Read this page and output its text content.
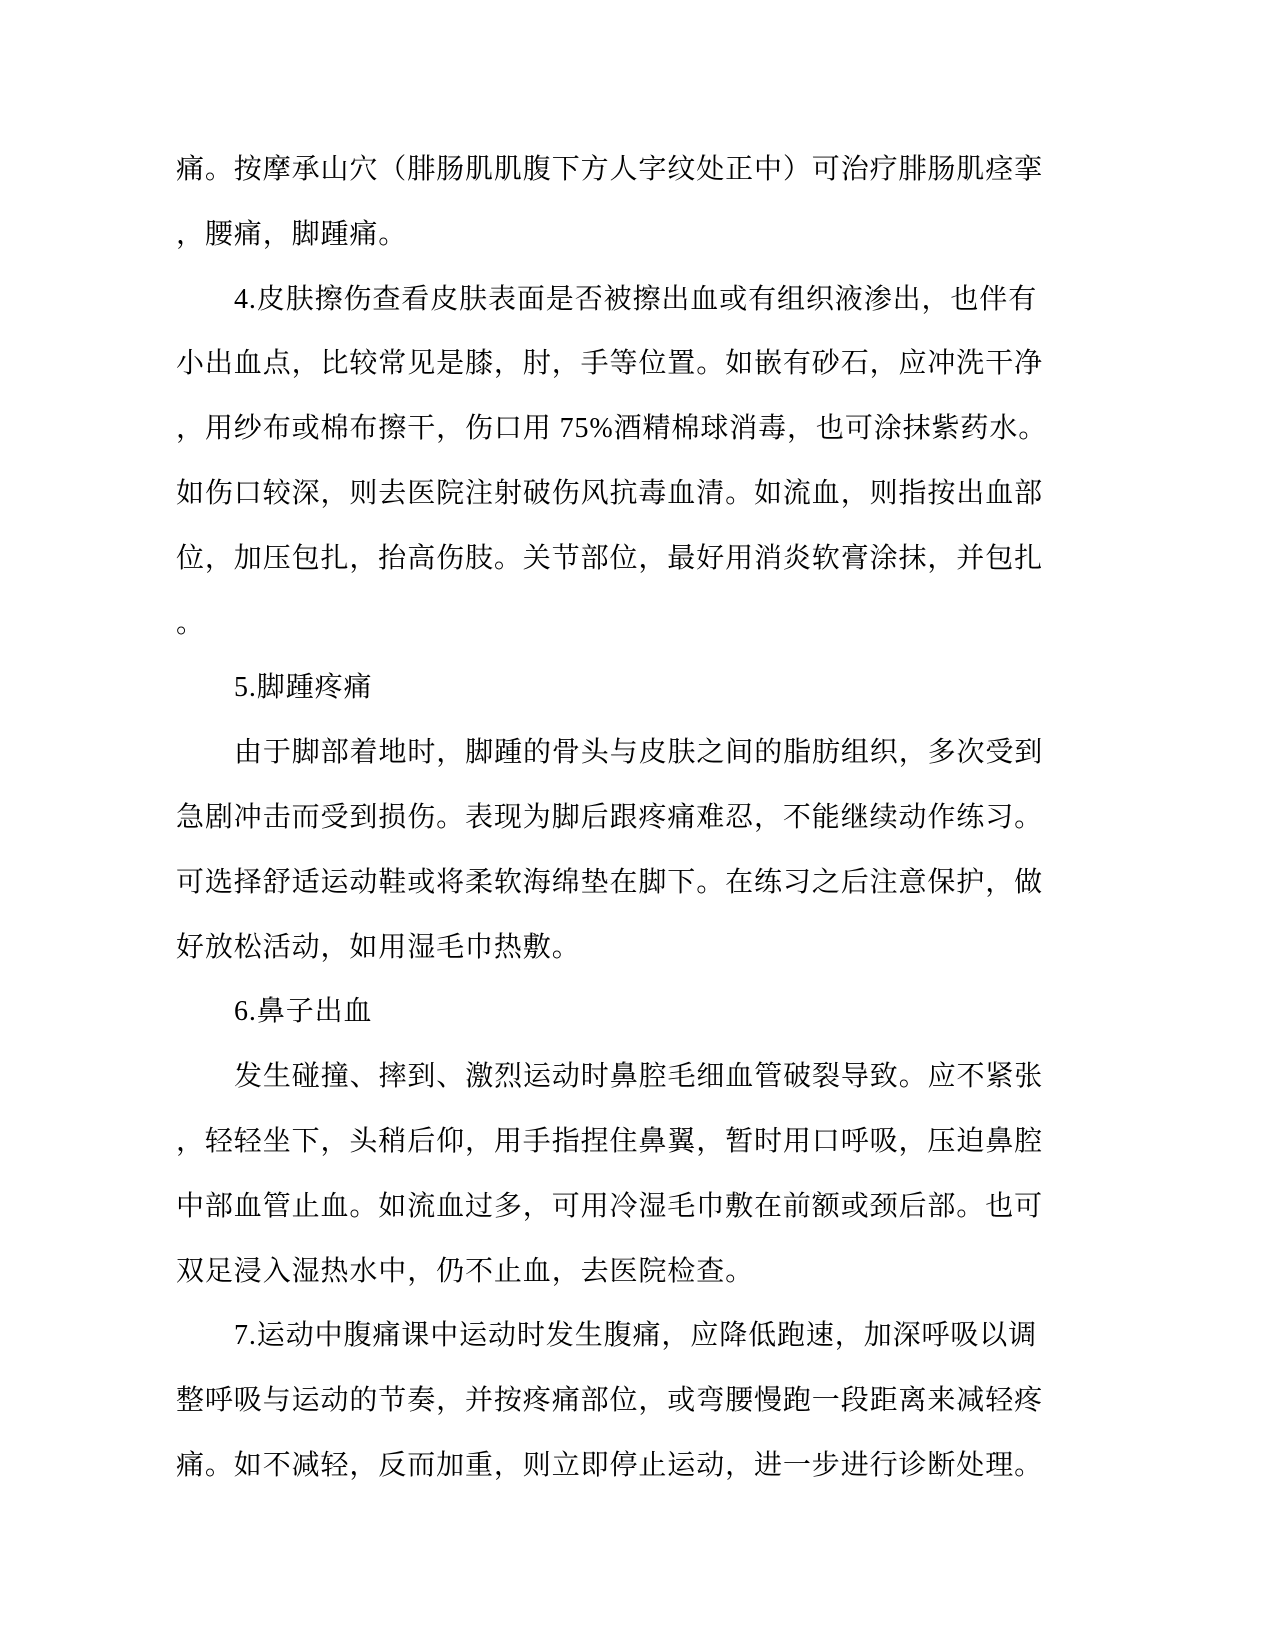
痛。按摩承山穴（腓肠肌肌腹下方人字纹处正中）可治疗腓肠肌痉挛
，腰痛，脚踵痛。
4.皮肤擦伤查看皮肤表面是否被擦出血或有组织液渗出，也伴有
小出血点，比较常见是膝，肘，手等位置。如嵌有砂石，应冲洗干净
，用纱布或棉布擦干，伤口用 75%酒精棉球消毒，也可涂抹紫药水。
如伤口较深，则去医院注射破伤风抗毒血清。如流血，则指按出血部
位，加压包扎，抬高伤肢。关节部位，最好用消炎软膏涂抹，并包扎
。
5.脚踵疼痛
由于脚部着地时，脚踵的骨头与皮肤之间的脂肪组织，多次受到
急剧冲击而受到损伤。表现为脚后跟疼痛难忍，不能继续动作练习。
可选择舒适运动鞋或将柔软海绵垫在脚下。在练习之后注意保护，做
好放松活动，如用湿毛巾热敷。
6.鼻子出血
发生碰撞、摔到、激烈运动时鼻腔毛细血管破裂导致。应不紧张
，轻轻坐下，头稍后仰，用手指捏住鼻翼，暂时用口呼吸，压迫鼻腔
中部血管止血。如流血过多，可用冷湿毛巾敷在前额或颈后部。也可
双足浸入湿热水中，仍不止血，去医院检查。
7.运动中腹痛课中运动时发生腹痛，应降低跑速，加深呼吸以调
整呼吸与运动的节奏，并按疼痛部位，或弯腰慢跑一段距离来减轻疼
痛。如不减轻，反而加重，则立即停止运动，进一步进行诊断处理。
